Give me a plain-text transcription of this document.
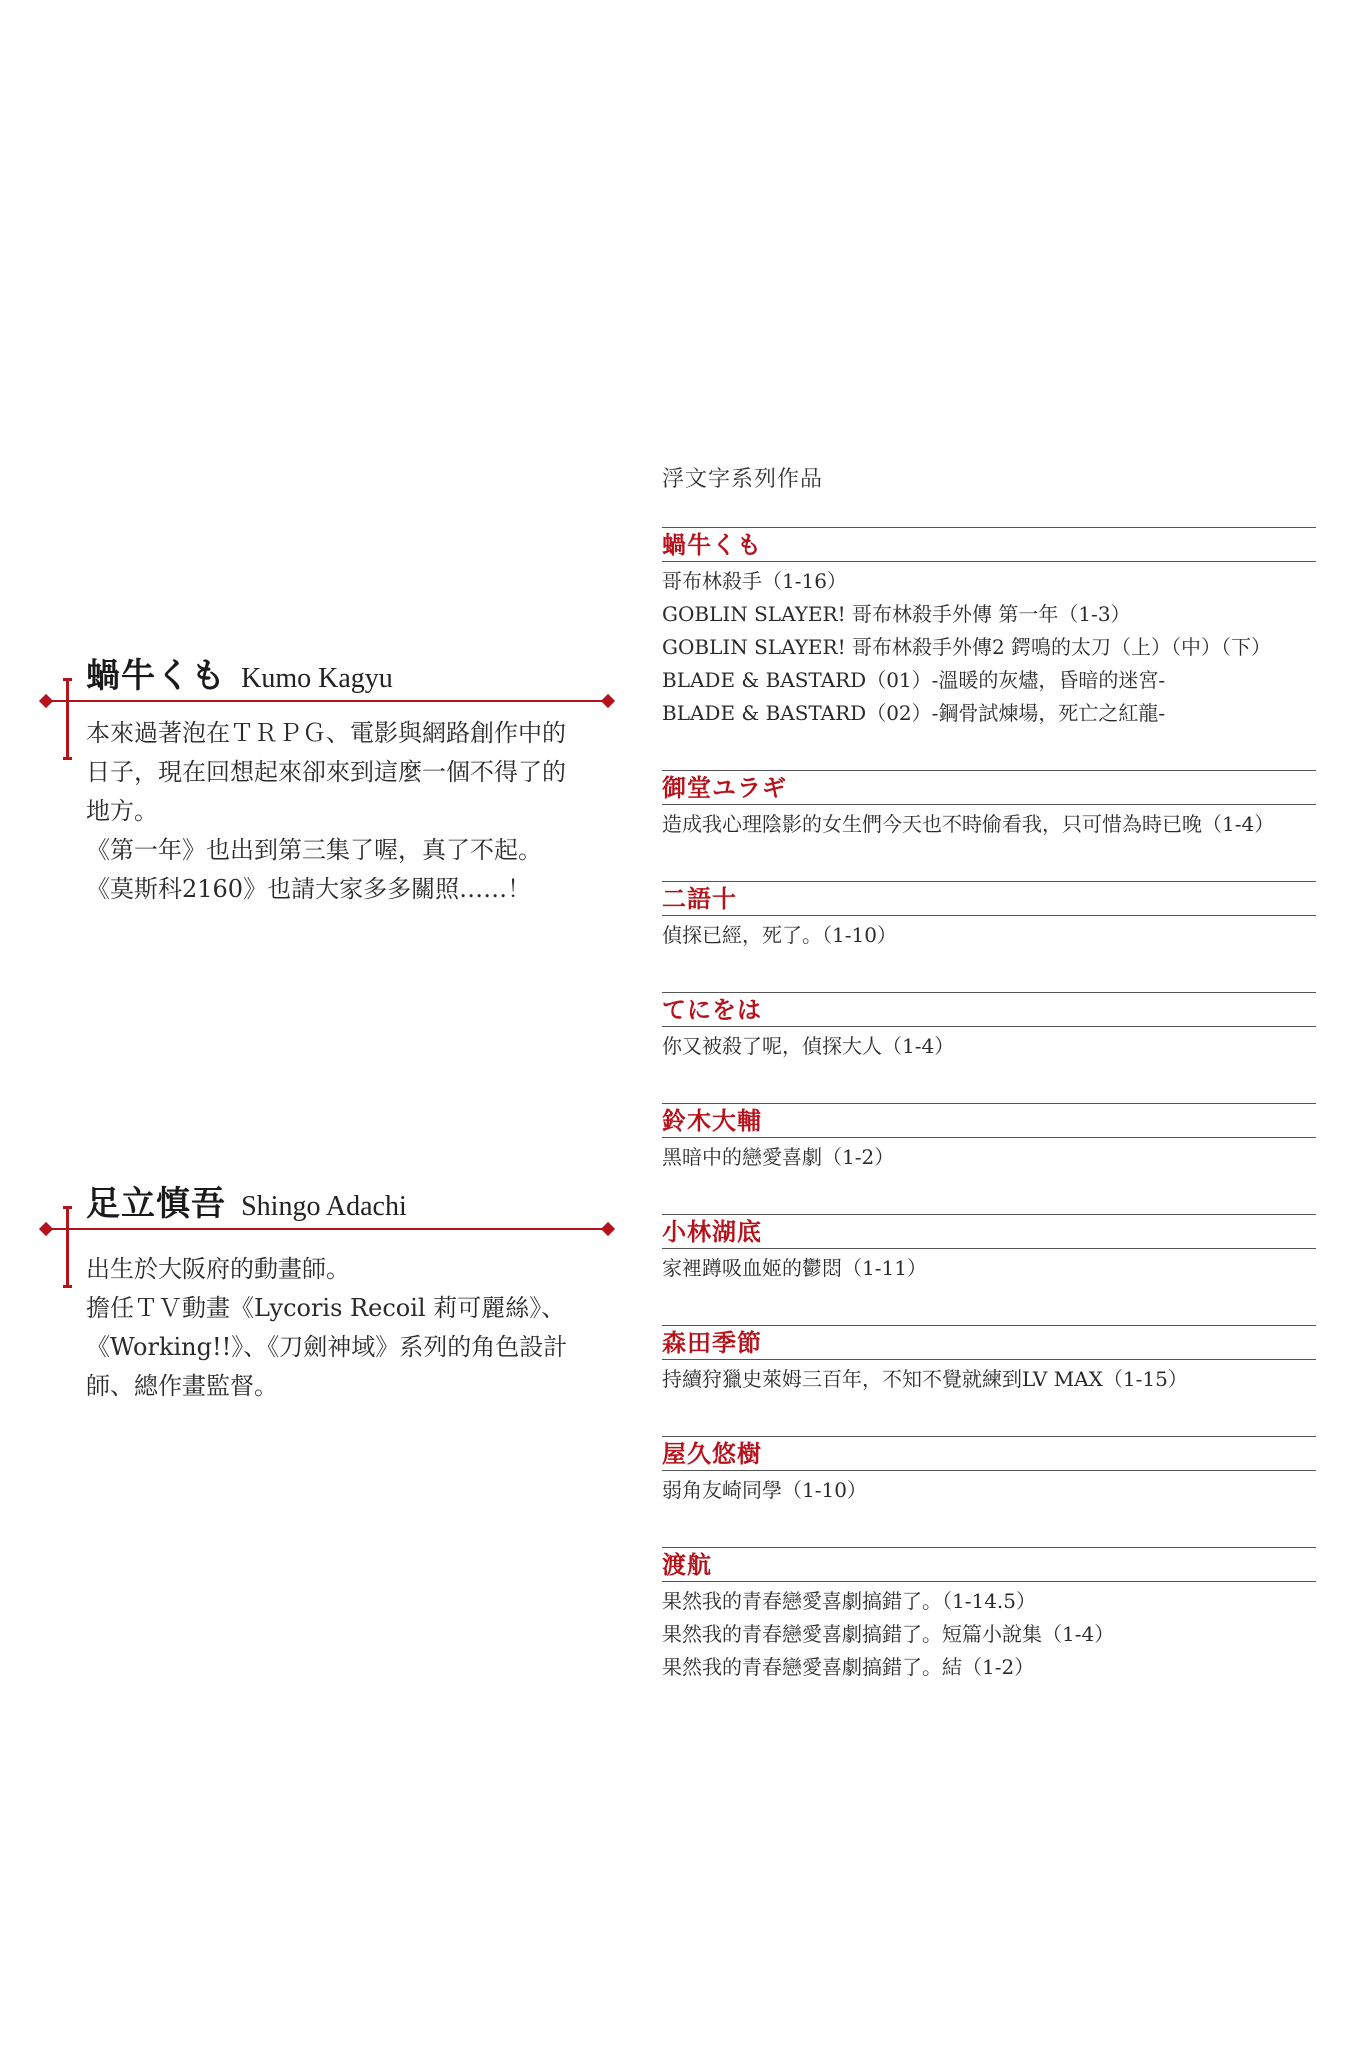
蝸牛くも Kumo Kagyu

本來過著泡在ＴＲＰＧ、電影與網路創作中的

日子，現在回想起來卻來到這麼一個不得了的

地方。

《第一年》也出到第三集了喔，真了不起。

《莫斯科2160》也請大家多多關照……！

足立慎吾 Shingo Adachi

出生於大阪府的動畫師。

擔任ＴＶ動畫《Lycoris Recoil 莉可麗絲》、

《Working!!》、《刀劍神域》系列的角色設計

師、總作畫監督。

浮文字系列作品
蝸牛くも
哥布林殺手（1-16）
GOBLIN SLAYER! 哥布林殺手外傳 第一年（1-3）
GOBLIN SLAYER! 哥布林殺手外傳2 鍔鳴的太刀（上）（中）（下）
BLADE & BASTARD（01）-溫暖的灰燼，昏暗的迷宮-
BLADE & BASTARD（02）-鋼骨試煉場，死亡之紅龍-
御堂ユラギ
造成我心理陰影的女生們今天也不時偷看我，只可惜為時已晚（1-4）
二語十
偵探已經，死了。（1-10）
てにをは
你又被殺了呢，偵探大人（1-4）
鈴木大輔
黑暗中的戀愛喜劇（1-2）
小林湖底
家裡蹲吸血姬的鬱悶（1-11）
森田季節
持續狩獵史萊姆三百年，不知不覺就練到LV MAX（1-15）
屋久悠樹
弱角友崎同學（1-10）
渡航
果然我的青春戀愛喜劇搞錯了。（1-14.5）
果然我的青春戀愛喜劇搞錯了。短篇小說集（1-4）
果然我的青春戀愛喜劇搞錯了。結（1-2）
